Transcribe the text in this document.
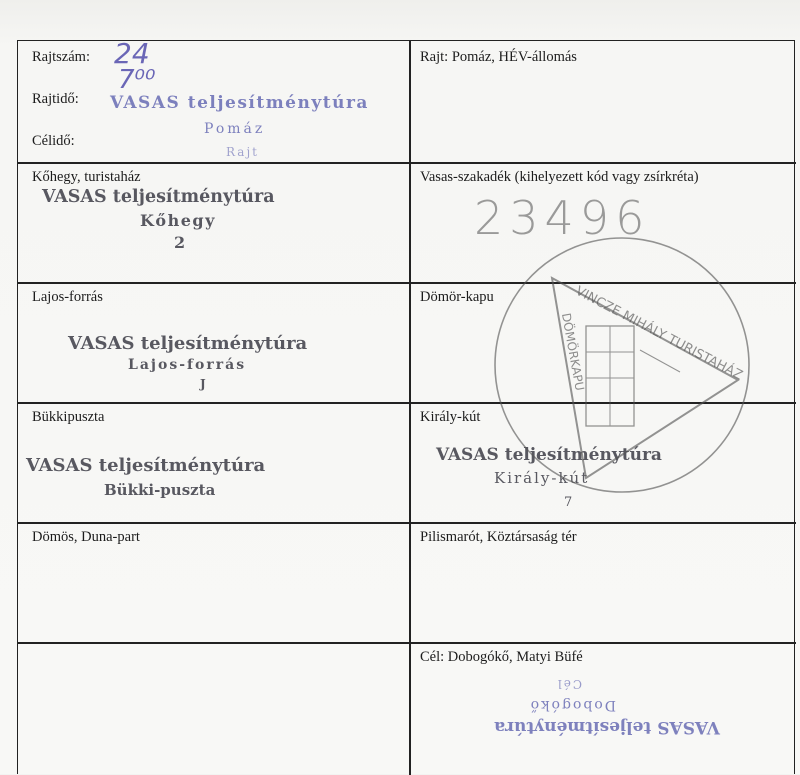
Rajtszám: 24
Rajtidő:
7⁰⁰
Célidő:
Rajt: Pomáz, HÉV-állomás
VASAS teljesítménytúra
Pomáz
Rajt
Kőhegy, turistaház
VASAS teljesítménytúra
Kőhegy
2
Vasas-szakadék (kihelyezett kód vagy zsírkréta)
23496
Lajos-forrás
VASAS teljesítménytúra
Lajos-forrás
J
Dömör-kapu
Bükkipuszta
VASAS teljesítménytúra
Bükki-puszta
Király-kút
VASAS teljesítménytúra
Király-kút
7
Dömös, Duna-part	Pilismarót, Köztársaság tér
Cél: Dobogókő, Matyi Büfé
VASAS teljesítménytúra
Dobogókő
Cél
VINCZE MIHÁLY TURISTAHÁZ
DÖMÖRKAPU
